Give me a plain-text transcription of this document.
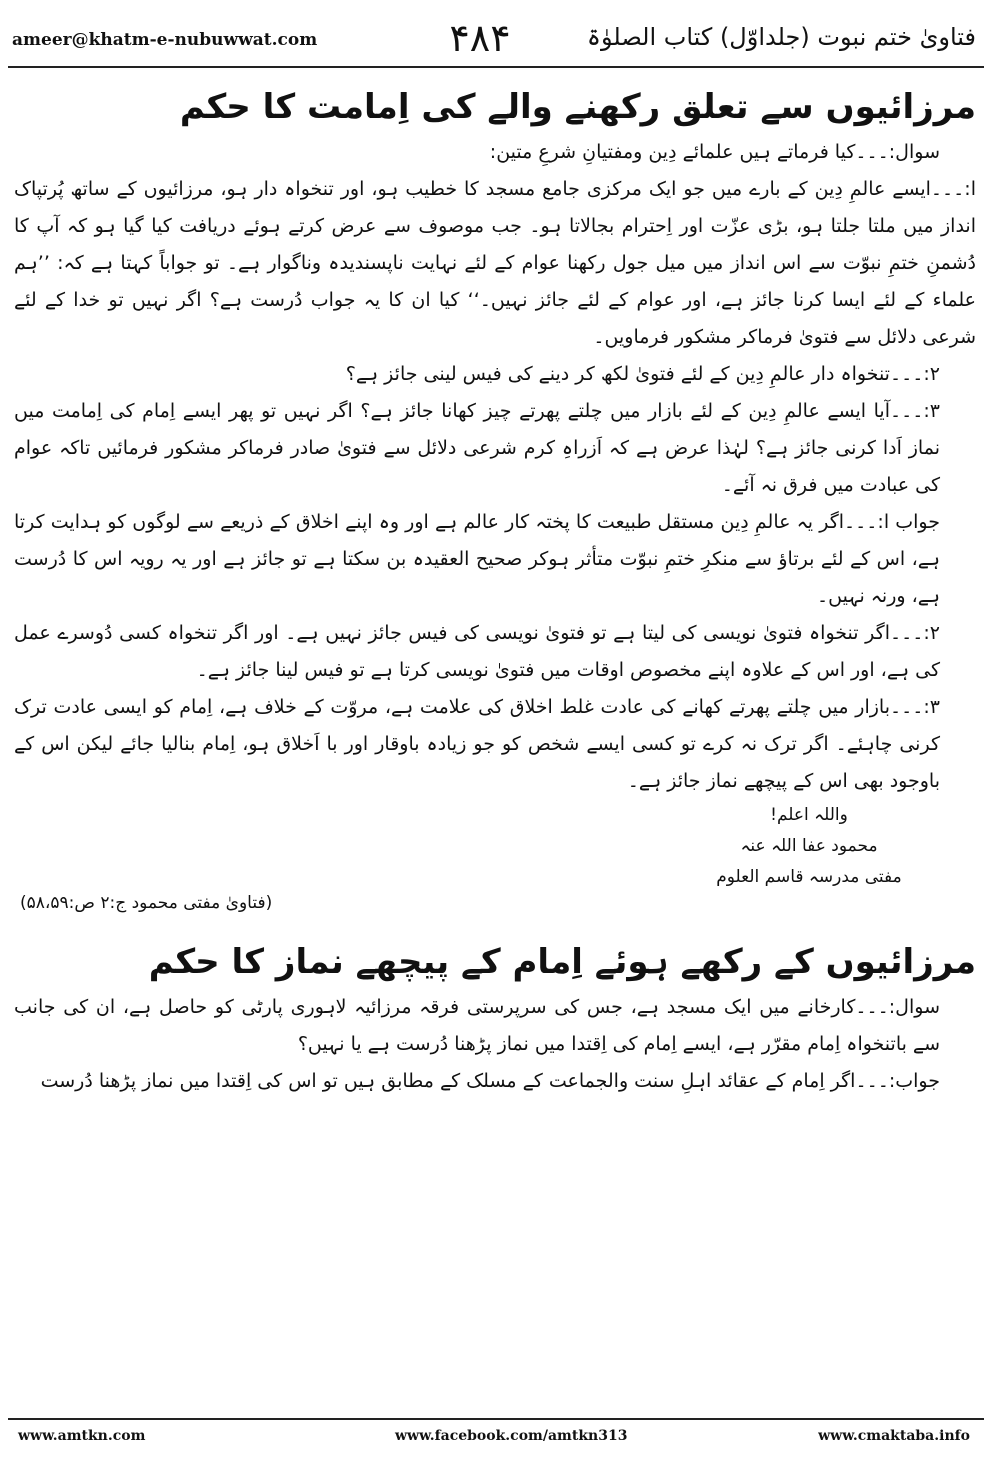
ameer@khatm-e-nubuwwat.com	۴۸۴	فتاویٰ ختم نبوت (جلداوّل) کتاب الصلوٰۃ
مرزائیوں سے تعلق رکھنے والے کی اِمامت کا حکم

سوال:۔۔۔کیا فرماتے ہیں علمائے دِین ومفتیانِ شرعِ متین:

ا:۔۔۔ایسے عالمِ دِین کے بارے میں جو ایک مرکزی جامع مسجد کا خطیب ہو، اور تنخواہ دار ہو، مرزائیوں کے ساتھ پُرتپاک انداز میں ملتا جلتا ہو، بڑی عزّت اور اِحترام بجالاتا ہو۔ جب موصوف سے عرض کرتے ہوئے دریافت کیا گیا ہو کہ آپ کا دُشمنِ ختمِ نبوّت سے اس انداز میں میل جول رکھنا عوام کے لئے نہایت ناپسندیدہ وناگوار ہے۔ تو جواباً کہتا ہے کہ: ’’ہم علماء کے لئے ایسا کرنا جائز ہے، اور عوام کے لئے جائز نہیں۔‘‘ کیا ان کا یہ جواب دُرست ہے؟ اگر نہیں تو خدا کے لئے شرعی دلائل سے فتویٰ فرماکر مشکور فرماویں۔

۲:۔۔۔تنخواہ دار عالمِ دِین کے لئے فتویٰ لکھ کر دینے کی فیس لینی جائز ہے؟

۳:۔۔۔آیا ایسے عالمِ دِین کے لئے بازار میں چلتے پھرتے چیز کھانا جائز ہے؟ اگر نہیں تو پھر ایسے اِمام کی اِمامت میں نماز اَدا کرنی جائز ہے؟ لہٰذا عرض ہے کہ اَزراہِ کرم شرعی دلائل سے فتویٰ صادر فرماکر مشکور فرمائیں تاکہ عوام کی عبادت میں فرق نہ آئے۔

جواب ا:۔۔۔اگر یہ عالمِ دِین مستقل طبیعت کا پختہ کار عالم ہے اور وہ اپنے اخلاق کے ذریعے سے لوگوں کو ہدایت کرتا ہے، اس کے لئے برتاؤ سے منکرِ ختمِ نبوّت متأثر ہوکر صحیح العقیدہ بن سکتا ہے تو جائز ہے اور یہ رویہ اس کا دُرست ہے، ورنہ نہیں۔

۲:۔۔۔اگر تنخواہ فتویٰ نویسی کی لیتا ہے تو فتویٰ نویسی کی فیس جائز نہیں ہے۔ اور اگر تنخواہ کسی دُوسرے عمل کی ہے، اور اس کے علاوہ اپنے مخصوص اوقات میں فتویٰ نویسی کرتا ہے تو فیس لینا جائز ہے۔

۳:۔۔۔بازار میں چلتے پھرتے کھانے کی عادت غلط اخلاق کی علامت ہے، مروّت کے خلاف ہے، اِمام کو ایسی عادت ترک کرنی چاہئے۔ اگر ترک نہ کرے تو کسی ایسے شخص کو جو زیادہ باوقار اور با اَخلاق ہو، اِمام بنالیا جائے لیکن اس کے باوجود بھی اس کے پیچھے نماز جائز ہے۔

واللہ اعلم!
محمود عفا اللہ عنہ
مفتی مدرسہ قاسم العلوم
(فتاویٰ مفتی محمود ج:۲ ص:۵۸،۵۹)
مرزائیوں کے رکھے ہوئے اِمام کے پیچھے نماز کا حکم

سوال:۔۔۔کارخانے میں ایک مسجد ہے، جس کی سرپرستی فرقہ مرزائیہ لاہوری پارٹی کو حاصل ہے، ان کی جانب سے باتنخواہ اِمام مقرّر ہے، ایسے اِمام کی اِقتدا میں نماز پڑھنا دُرست ہے یا نہیں؟

جواب:۔۔۔اگر اِمام کے عقائد اہلِ سنت والجماعت کے مسلک کے مطابق ہیں تو اس کی اِقتدا میں نماز پڑھنا دُرست

www.amtkn.com	www.facebook.com/amtkn313	www.cmaktaba.info
